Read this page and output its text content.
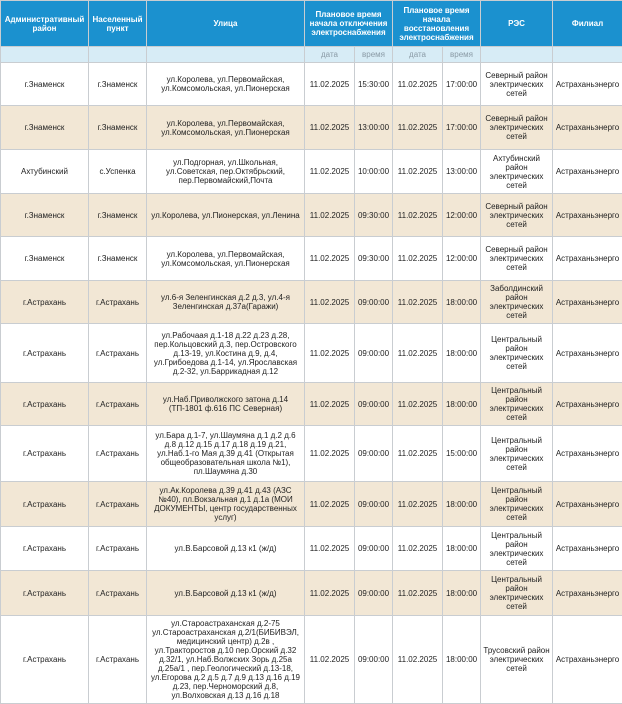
Административный район	Населенный пункт	Улица	Плановое время начала отключения электроснабжения		Плановое время начала восстановления электроснабжения		РЭС	Филиал
			дата	время	дата	время		
г.Знаменск	г.Знаменск	ул.Королева, ул.Первомайская, ул.Комсомольская, ул.Пионерская	11.02.2025	15:30:00	11.02.2025	17:00:00	Северный район электрических сетей	Астраханьэнерго
г.Знаменск	г.Знаменск	ул.Королева, ул.Первомайская, ул.Комсомольская, ул.Пионерская	11.02.2025	13:00:00	11.02.2025	17:00:00	Северный район электрических сетей	Астраханьэнерго
Ахтубинский	с.Успенка	ул.Подгорная, ул.Школьная, ул.Советская, пер.Октябрьский, пер.Первомайский,Почта	11.02.2025	10:00:00	11.02.2025	13:00:00	Ахтубинский район электрических сетей	Астраханьэнерго
г.Знаменск	г.Знаменск	ул.Королева, ул.Пионерская, ул.Ленина	11.02.2025	09:30:00	11.02.2025	12:00:00	Северный район электрических сетей	Астраханьэнерго
г.Знаменск	г.Знаменск	ул.Королева, ул.Первомайская, ул.Комсомольская, ул.Пионерская	11.02.2025	09:30:00	11.02.2025	12:00:00	Северный район электрических сетей	Астраханьэнерго
г.Астрахань	г.Астрахань	ул.6-я Зеленгинская д.2 д.3, ул.4-я Зеленгинская д.37а(Гаражи)	11.02.2025	09:00:00	11.02.2025	18:00:00	Заболдинский район электрических сетей	Астраханьэнерго
г.Астрахань	г.Астрахань	ул.Рабочаая д.1-18 д.22 д.23 д.28, пер.Кольцовский д.3, пер.Островского д.13-19, ул.Костина д.9, д.4, ул.Грибоедова д.1-14, ул.Ярославская д.2-32, ул.Баррикадная д.12	11.02.2025	09:00:00	11.02.2025	18:00:00	Центральный район электрических сетей	Астраханьэнерго
г.Астрахань	г.Астрахань	ул.Наб.Приволжского затона д.14 (ТП-1801 ф.616 ПС Северная)	11.02.2025	09:00:00	11.02.2025	18:00:00	Центральный район электрических сетей	Астраханьэнерго
г.Астрахань	г.Астрахань	ул.Бара д.1-7, ул.Шаумяна д.1 д.2 д.6 д.8 д.12 д.15 д.17 д.18 д.19 д.21, ул.Наб.1-го Мая д.39 д.41 (Открытая общеобразовательная школа №1), пл.Шаумяна д.30	11.02.2025	09:00:00	11.02.2025	15:00:00	Центральный район электрических сетей	Астраханьэнерго
г.Астрахань	г.Астрахань	ул.Ак.Королева д.39 д.41 д.43 (АЗС №40), пл.Вокзальная д.1 д.1а (МОИ ДОКУМЕНТЫ, центр государственных услуг)	11.02.2025	09:00:00	11.02.2025	18:00:00	Центральный район электрических сетей	Астраханьэнерго
г.Астрахань	г.Астрахань	ул.В.Барсовой д.13 к1 (ж/д)	11.02.2025	09:00:00	11.02.2025	18:00:00	Центральный район электрических сетей	Астраханьэнерго
г.Астрахань	г.Астрахань	ул.В.Барсовой д.13 к1 (ж/д)	11.02.2025	09:00:00	11.02.2025	18:00:00	Центральный район электрических сетей	Астраханьэнерго
г.Астрахань	г.Астрахань	ул.Староастраханская д.2-75 ул.Староастраханская д.2/1(БИБИВЭЛ, медицинский центр) д.2в , ул.Тракторостов д.10 пер.Орский д.32 д.32/1, ул.Наб.Волжских Зорь д.25а д.25а/1 , пер.Геологический д.13-18, ул.Егорова д.2 д.5 д.7 д.9 д.13 д.16 д.19 д.23, пер.Черноморский д.8, ул.Волховская д.13 д.16 д.18	11.02.2025	09:00:00	11.02.2025	18:00:00	Трусовский район электрических сетей	Астраханьэнерго
